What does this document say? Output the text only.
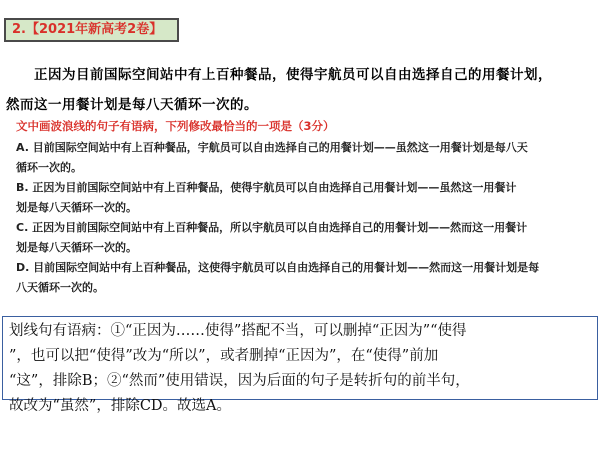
2.【2021年新高考2卷】
正因为目前国际空间站中有上百种餐品，使得宇航员可以自由选择自己的用餐计划，
然而这一用餐计划是每八天循环一次的。
文中画波浪线的句子有语病，下列修改最恰当的一项是（3分）
A. 目前国际空间站中有上百种餐品，宇航员可以自由选择自己的用餐计划——虽然这一用餐计划是每八天
循环一次的。
B. 正因为目前国际空间站中有上百种餐品，使得宇航员可以自由选择自己用餐计划——虽然这一用餐计
划是每八天循环一次的。
C. 正因为目前国际空间站中有上百种餐品，所以宇航员可以自由选择自己的用餐计划——然而这一用餐计
划是每八天循环一次的。
D. 目前国际空间站中有上百种餐品，这使得宇航员可以自由选择自己的用餐计划——然而这一用餐计划是每
八天循环一次的。
划线句有语病：①“正因为……使得”搭配不当，可以删掉“正因为”“使得
”，也可以把“使得”改为“所以”，或者删掉“正因为”，在“使得”前加
“这”，排除B；②“然而”使用错误，因为后面的句子是转折句的前半句，
故改为“虽然”，排除CD。故选A。
